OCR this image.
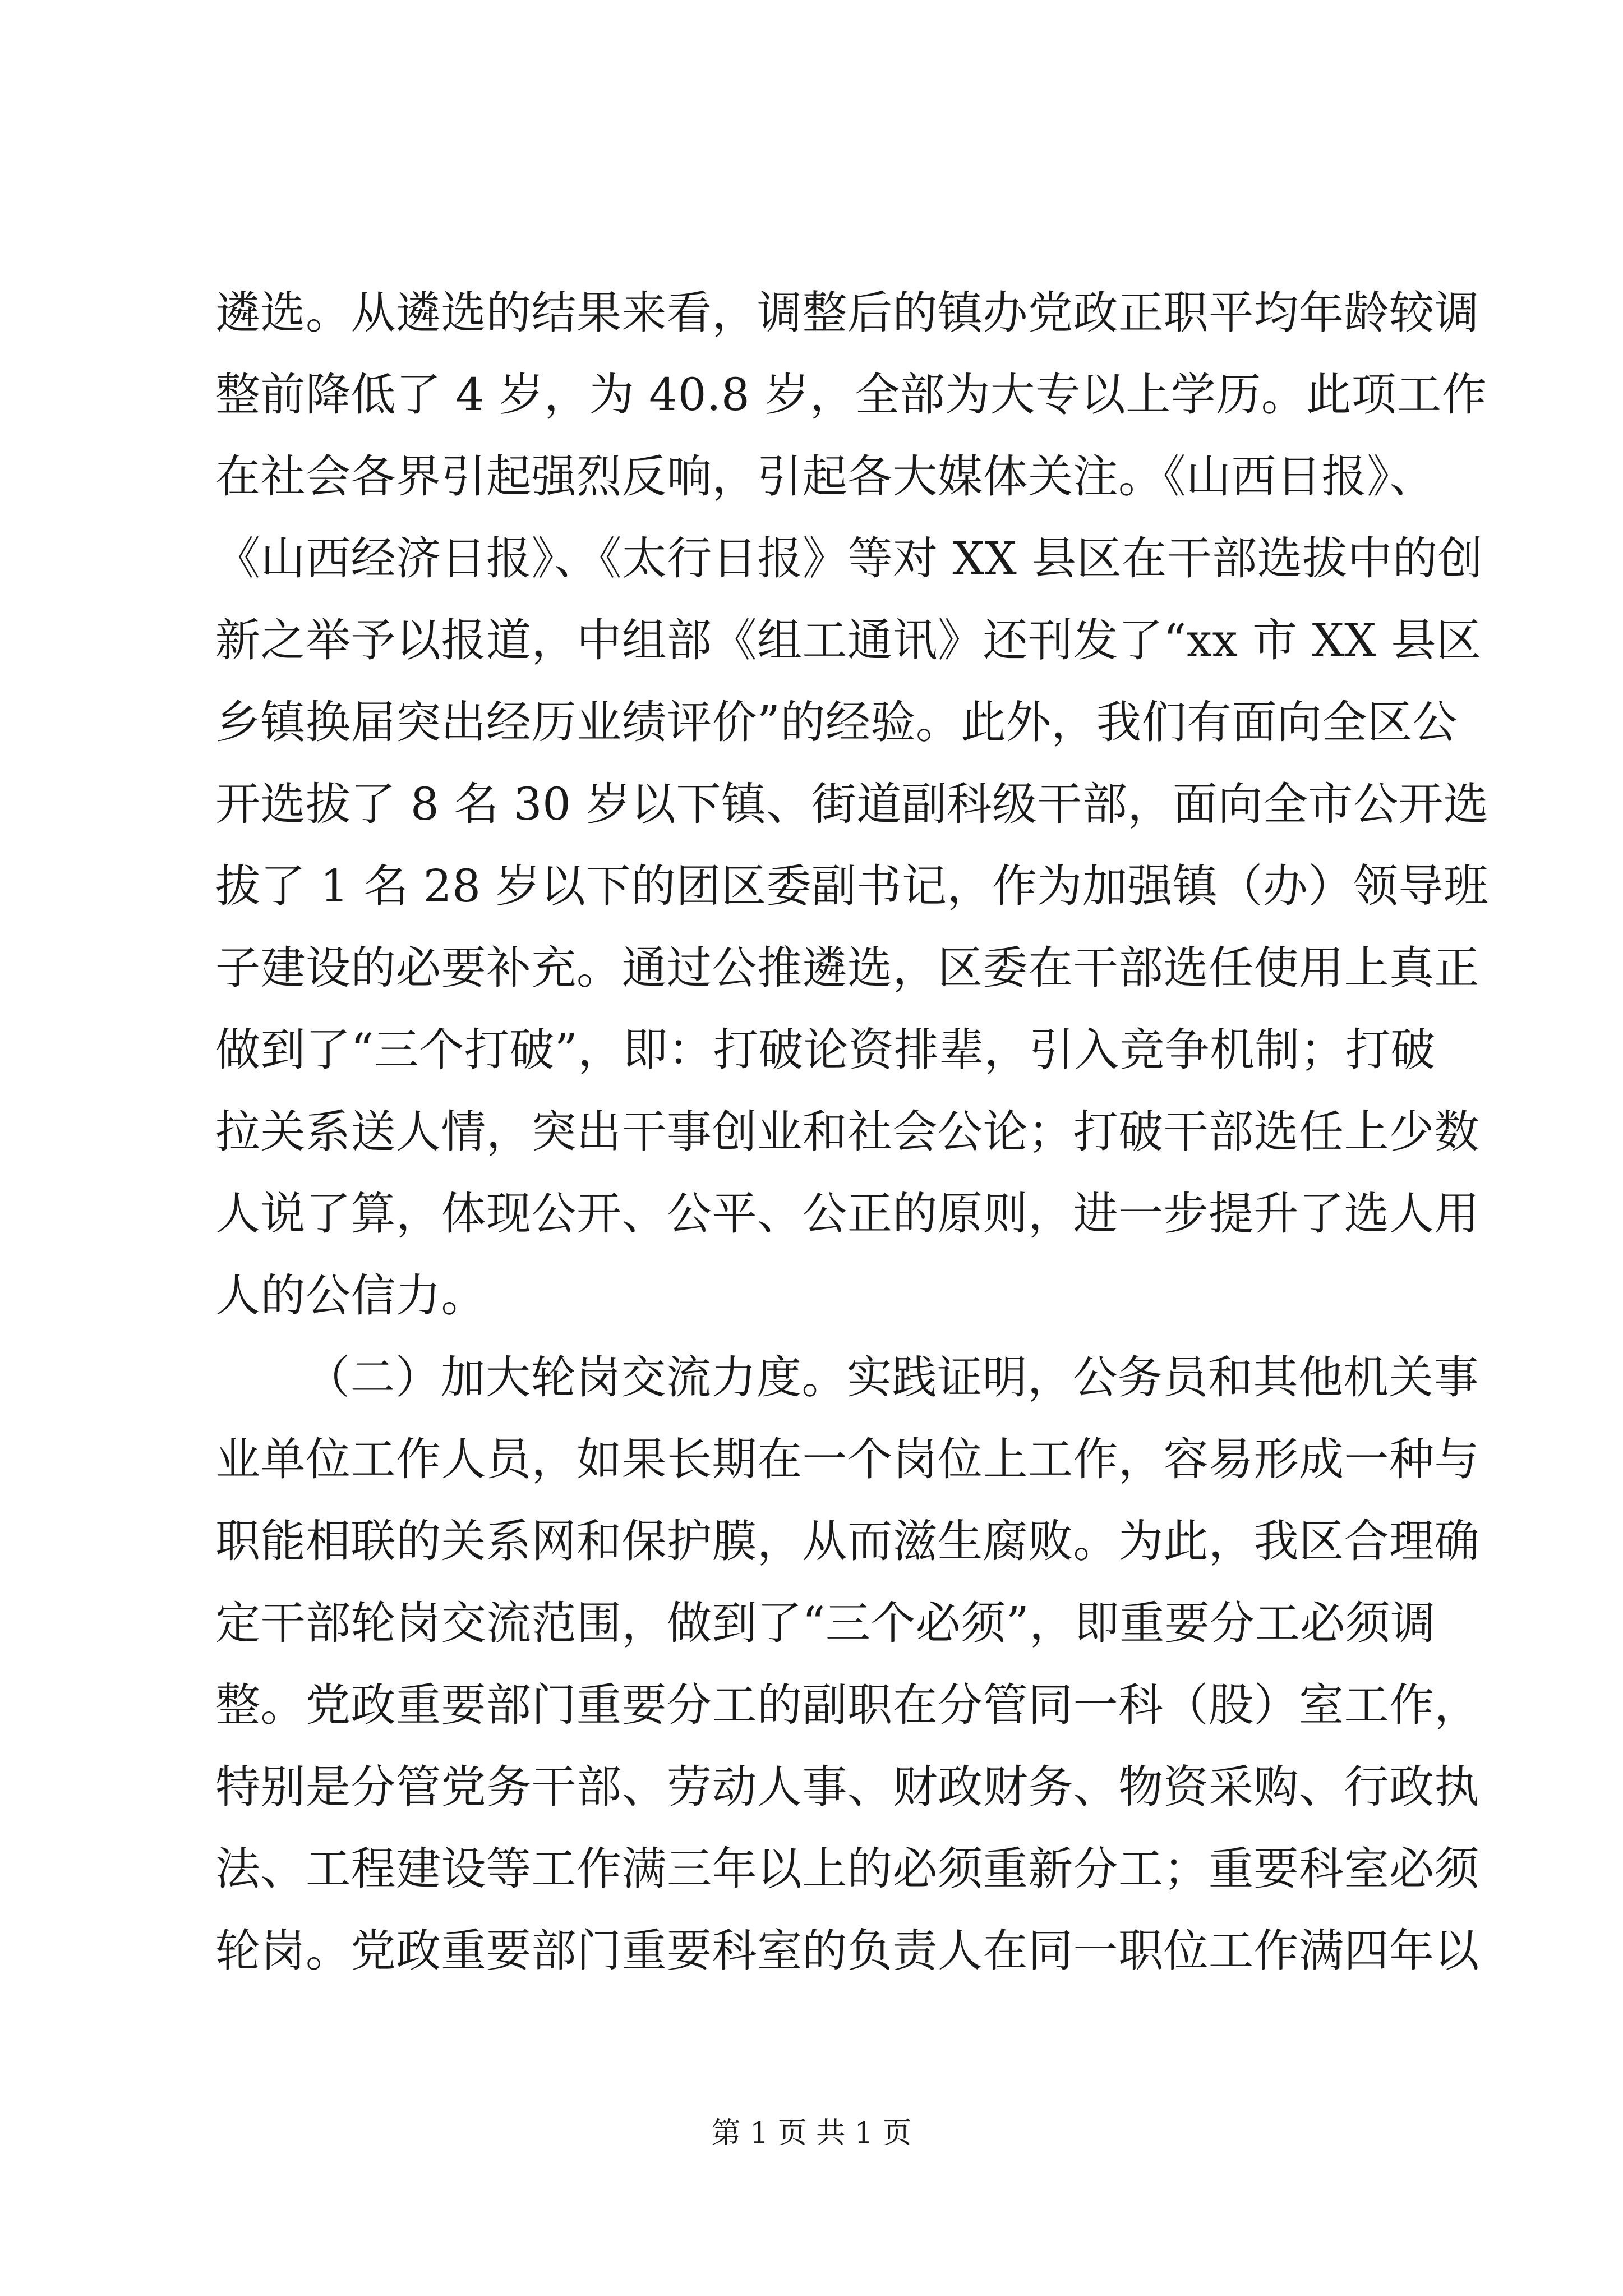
遴选。从遴选的结果来看，调整后的镇办党政正职平均年龄较调
整前降低了 4 岁，为 40.8 岁，全部为大专以上学历。此项工作
在社会各界引起强烈反响，引起各大媒体关注。《山西日报》、
《山西经济日报》、《太行日报》等对 XX 县区在干部选拔中的创
新之举予以报道，中组部《组工通讯》还刊发了“xx 市 XX 县区
乡镇换届突出经历业绩评价”的经验。此外，我们有面向全区公
开选拔了 8 名 30 岁以下镇、街道副科级干部，面向全市公开选
拔了 1 名 28 岁以下的团区委副书记，作为加强镇（办）领导班
子建设的必要补充。通过公推遴选，区委在干部选任使用上真正
做到了“三个打破”，即：打破论资排辈，引入竞争机制；打破
拉关系送人情，突出干事创业和社会公论；打破干部选任上少数
人说了算，体现公开、公平、公正的原则，进一步提升了选人用
人的公信力。
（二）加大轮岗交流力度。实践证明，公务员和其他机关事
业单位工作人员，如果长期在一个岗位上工作，容易形成一种与
职能相联的关系网和保护膜，从而滋生腐败。为此，我区合理确
定干部轮岗交流范围，做到了“三个必须”，即重要分工必须调
整。党政重要部门重要分工的副职在分管同一科（股）室工作，
特别是分管党务干部、劳动人事、财政财务、物资采购、行政执
法、工程建设等工作满三年以上的必须重新分工；重要科室必须
轮岗。党政重要部门重要科室的负责人在同一职位工作满四年以
第 1 页 共 1 页
